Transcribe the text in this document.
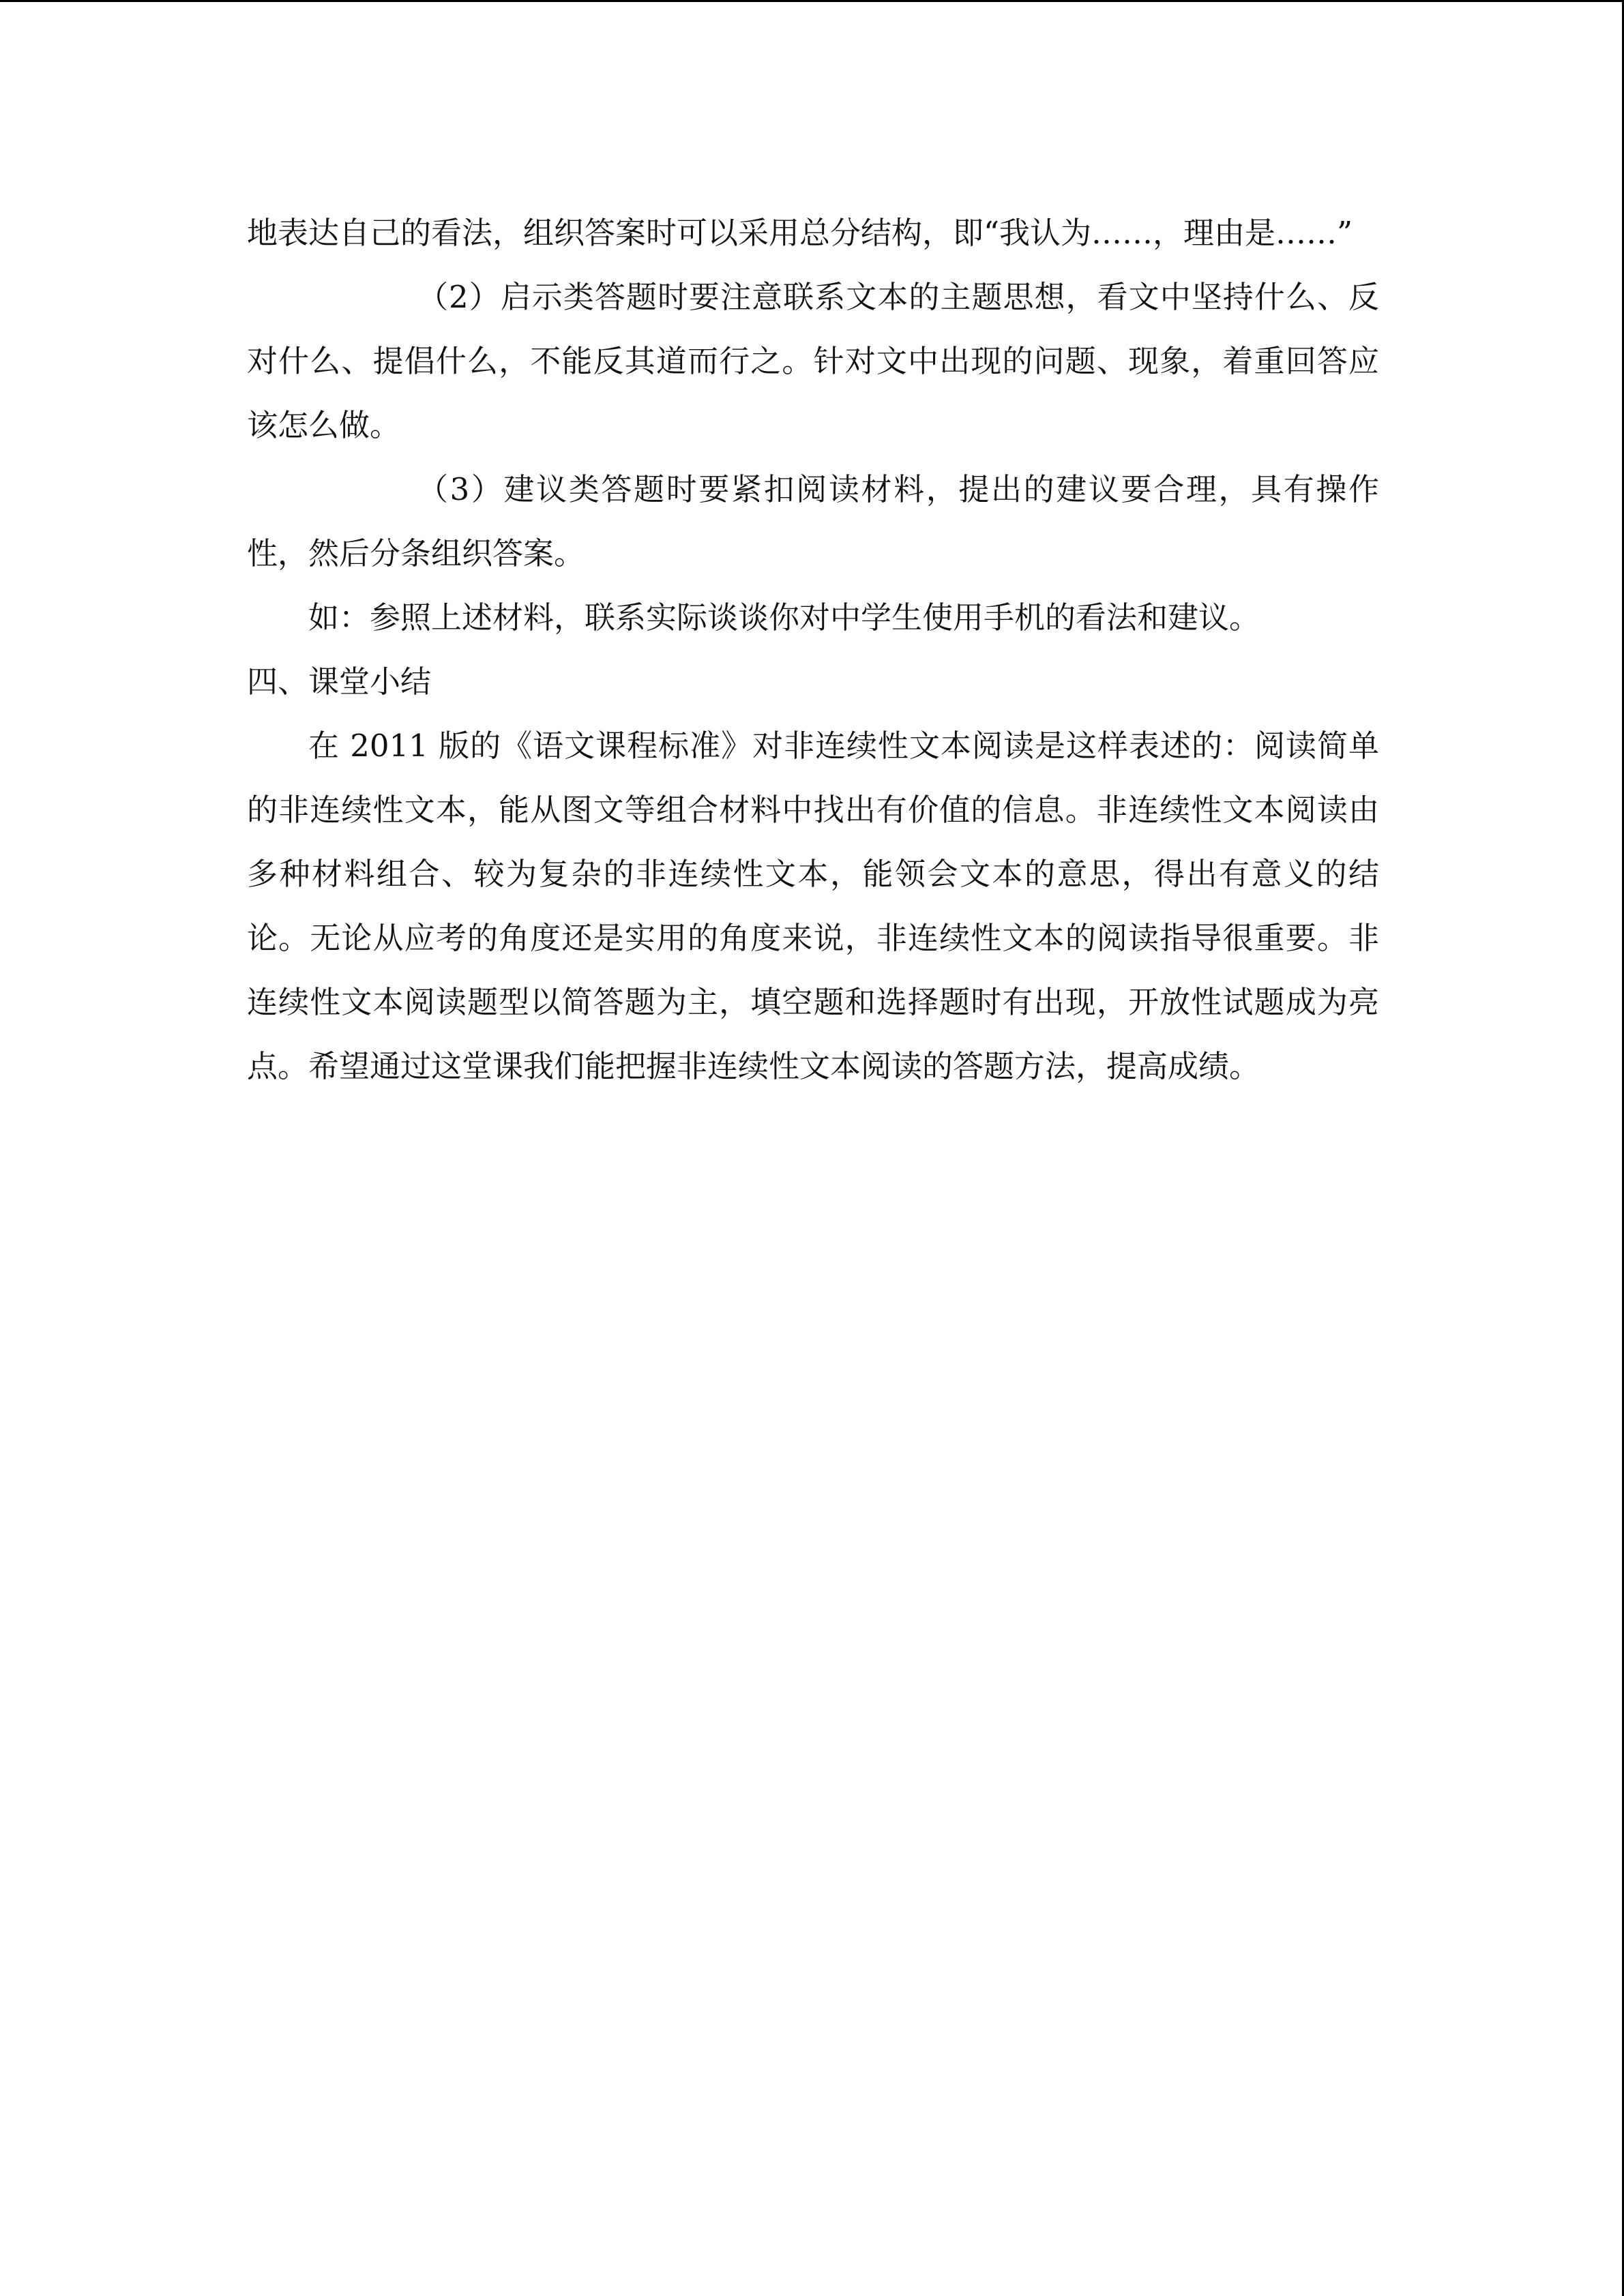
地表达自己的看法，组织答案时可以采用总分结构，即“我认为……，理由是……”

（2）启示类答题时要注意联系文本的主题思想，看文中坚持什么、反对什么、提倡什么，不能反其道而行之。针对文中出现的问题、现象，着重回答应该怎么做。

（3）建议类答题时要紧扣阅读材料，提出的建议要合理，具有操作性，然后分条组织答案。

如：参照上述材料，联系实际谈谈你对中学生使用手机的看法和建议。

四、课堂小结

在 2011 版的《语文课程标准》对非连续性文本阅读是这样表述的：阅读简单的非连续性文本，能从图文等组合材料中找出有价值的信息。非连续性文本阅读由多种材料组合、较为复杂的非连续性文本，能领会文本的意思，得出有意义的结论。无论从应考的角度还是实用的角度来说，非连续性文本的阅读指导很重要。非连续性文本阅读题型以简答题为主，填空题和选择题时有出现，开放性试题成为亮点。希望通过这堂课我们能把握非连续性文本阅读的答题方法，提高成绩。
